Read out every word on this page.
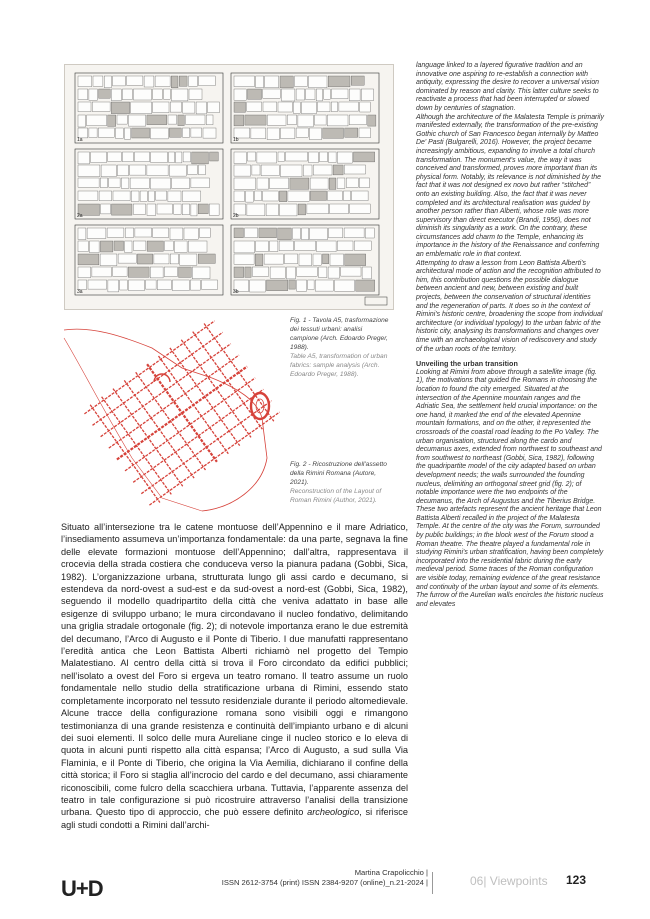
1a	1b
2a	2b
3a	3b

Fig. 1 - Tavola A5, trasformazione dei tessuti urbani: analisi campione (Arch. Edoardo Preger, 1988).

Table A5, transformation of urban fabrics: sample analysis (Arch. Edoardo Preger, 1988).

Fig. 2 - Ricostruzione dell'assetto della Rimini Romana (Autore, 2021).

Reconstruction of the Layout of Roman Rimini (Author, 2021).

language linked to a layered figurative tradition and an innovative one aspiring to re-establish a connection with antiquity, expressing the desire to recover a universal vision dominated by reason and clarity. This latter culture seeks to reactivate a process that had been interrupted or slowed down by centuries of stagnation.

Although the architecture of the Malatesta Temple is primarily manifested externally, the transformation of the pre-existing Gothic church of San Francesco began internally by Matteo De' Pasti (Bulgarelli, 2016). However, the project became increasingly ambitious, expanding to involve a total church transformation. The monument's value, the way it was conceived and transformed, proves more important than its physical form. Notably, its relevance is not diminished by the fact that it was not designed ex novo but rather “stitched” onto an existing building. Also, the fact that it was never completed and its architectural realisation was guided by another person rather than Alberti, whose role was more supervisory than direct executor (Brandi, 1956), does not diminish its singularity as a work. On the contrary, these circumstances add charm to the Temple, enhancing its importance in the history of the Renaissance and conferring an emblematic role in that context.

Attempting to draw a lesson from Leon Battista Alberti's architectural mode of action and the recognition attributed to him, this contribution questions the possible dialogue between ancient and new, between existing and built projects, between the conservation of structural identities and the regeneration of parts. It does so in the context of Rimini's historic centre, broadening the scope from individual architecture (or individual typology) to the urban fabric of the historic city, analysing its transformations and changes over time with an archaeological vision of rediscovery and study of the urban roots of the territory.

Unveiling the urban transition

Looking at Rimini from above through a satellite image (fig. 1), the motivations that guided the Romans in choosing the location to found the city emerged. Situated at the intersection of the Apennine mountain ranges and the Adriatic Sea, the settlement held crucial importance: on the one hand, it marked the end of the elevated Apennine mountain formations, and on the other, it represented the crossroads of the coastal road leading to the Po Valley. The urban organisation, structured along the cardo and decumanus axes, extended from northwest to southeast and from southwest to northeast (Gobbi, Sica, 1982), following the quadripartite model of the city adapted based on urban development needs; the walls surrounded the founding nucleus, delimiting an orthogonal street grid (fig. 2); of notable importance were the two endpoints of the decumanus, the Arch of Augustus and the Tiberius Bridge. These two artefacts represent the ancient heritage that Leon Battista Alberti recalled in the project of the Malatesta Temple. At the centre of the city was the Forum, surrounded by public buildings; in the block west of the Forum stood a Roman theatre. The theatre played a fundamental role in studying Rimini's urban stratification, having been completely incorporated into the residential fabric during the early medieval period. Some traces of the Roman configuration are visible today, remaining evidence of the great resistance and continuity of the urban layout and some of its elements. The furrow of the Aurelian walls encircles the historic nucleus and elevates

Situato all’intersezione tra le catene montuose dell’Appennino e il mare Adriatico, l’insediamento assumeva un’importanza fondamentale: da una parte, segnava la fine delle elevate formazioni montuose dell’Appennino; dall’altra, rappresentava il crocevia della strada costiera che conduceva verso la pianura padana (Gobbi, Sica, 1982). L’organizzazione urbana, strutturata lungo gli assi cardo e decumano, si estendeva da nord-ovest a sud-est e da sud-ovest a nord-est (Gobbi, Sica, 1982), seguendo il modello quadripartito della città che veniva adattato in base alle esigenze di sviluppo urbano; le mura circondavano il nucleo fondativo, delimitando una griglia stradale ortogonale (fig. 2); di notevole importanza erano le due estremità del decumano, l’Arco di Augusto e il Ponte di Tiberio. I due manufatti rappresentano l’eredità antica che Leon Battista Alberti richiamò nel progetto del Tempio Malatestiano. Al centro della città si trova il Foro circondato da edifici pubblici; nell’isolato a ovest del Foro si ergeva un teatro romano. Il teatro assume un ruolo fondamentale nello studio della stratificazione urbana di Rimini, essendo stato completamente incorporato nel tessuto residenziale durante il periodo altomedievale. Alcune tracce della configurazione romana sono visibili oggi e rimangono testimonianza di una grande resistenza e continuità dell’impianto urbano e di alcuni dei suoi elementi. Il solco delle mura Aureliane cinge il nucleo storico e lo eleva di quota in alcuni punti rispetto alla città espansa; l’Arco di Augusto, a sud sulla Via Flaminia, e il Ponte di Tiberio, che origina la Via Aemilia, dichiarano il confine della città storica; il Foro si staglia all’incrocio del cardo e del decumano, assi chiaramente riconoscibili, come fulcro della scacchiera urbana. Tuttavia, l’apparente assenza del teatro in tale configurazione si può ricostruire attraverso l’analisi della transizione urbana. Questo tipo di approccio, che può essere definito archeologico, si riferisce agli studi condotti a Rimini dall’archi-

U+D
Martina Crapolicchio |
ISSN 2612-3754 (print) ISSN 2384-9207 (online)_n.21-2024 |	06| Viewpoints 123
